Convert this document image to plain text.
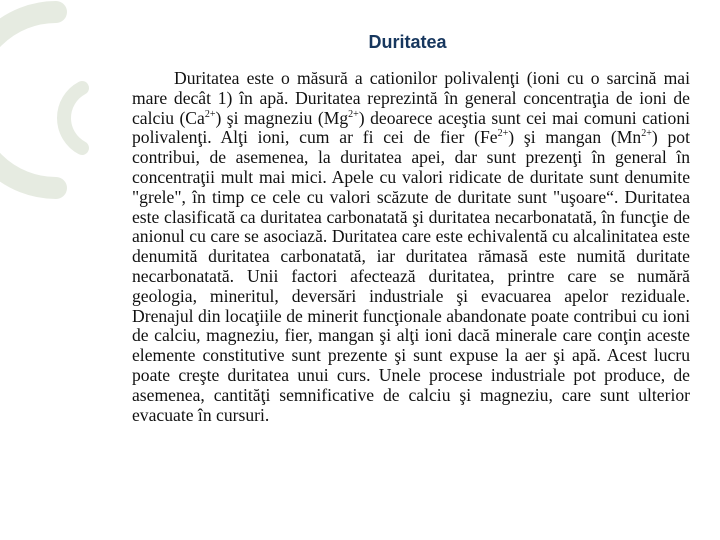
Duritatea

Duritatea este o măsură a cationilor polivalenţi (ioni cu o sarcină mai mare decât 1) în apă. Duritatea reprezintă în general concentraţia de ioni de calciu $(Ca^{2+})$ şi magneziu $(Mg^{2+})$ deoarece aceştia sunt cei mai comuni cationi polivalenţi. Alţi ioni, cum ar fi cei de fier $(Fe^{2+})$ şi mangan $(Mn^{2+})$ pot contribui, de asemenea, la duritatea apei, dar sunt prezenţi în general în concentraţii mult mai mici. Apele cu valori ridicate de duritate sunt denumite "grele", în timp ce cele cu valori scăzute de duritate sunt "uşoare“. Duritatea este clasificată ca duritatea carbonatată şi duritatea necarbonatată, în funcţie de anionul cu care se asociază. Duritatea care este echivalentă cu alcalinitatea este denumită duritatea carbonatată, iar duritatea rămasă este numită duritate necarbonatată. Unii factori afectează duritatea, printre care se numără geologia, mineritul, deversări industriale şi evacuarea apelor reziduale. Drenajul din locaţiile de minerit funcţionale abandonate poate contribui cu ioni de calciu, magneziu, fier, mangan şi alţi ioni dacă minerale care conţin aceste elemente constitutive sunt prezente şi sunt expuse la aer şi apă. Acest lucru poate creşte duritatea unui curs. Unele procese industriale pot produce, de asemenea, cantităţi semnificative de calciu şi magneziu, care sunt ulterior evacuate în cursuri.
